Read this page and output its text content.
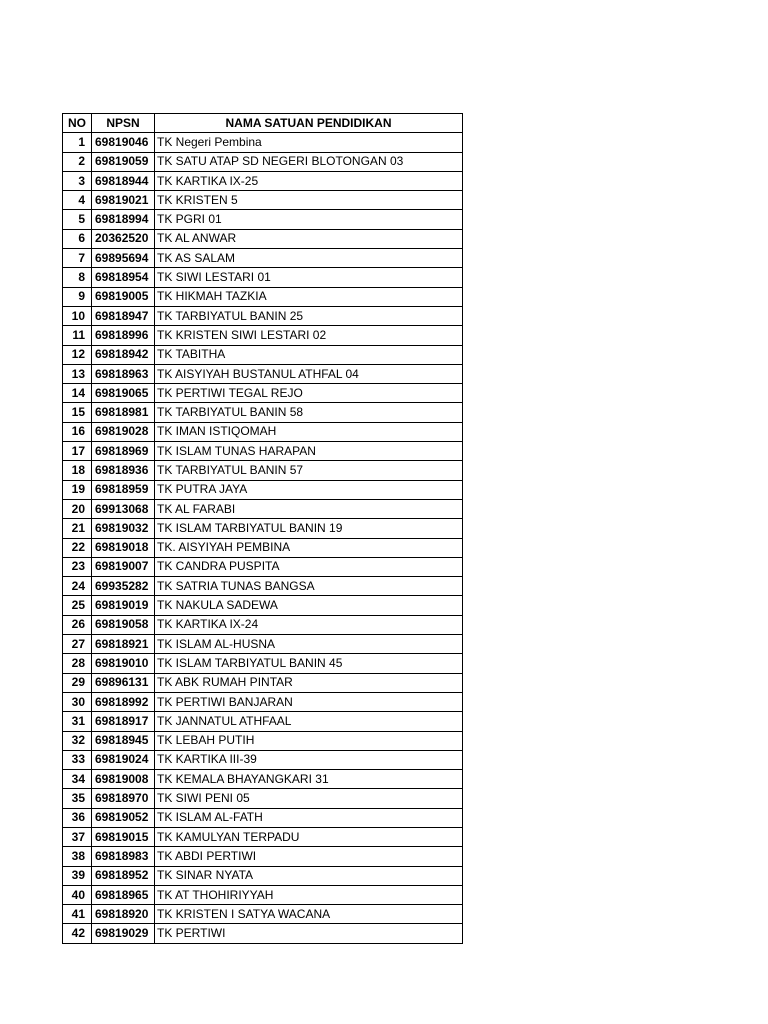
NO	NPSN	NAMA SATUAN PENDIDIKAN
1	69819046	TK Negeri Pembina
2	69819059	TK SATU ATAP SD NEGERI BLOTONGAN 03
3	69818944	TK KARTIKA IX-25
4	69819021	TK KRISTEN 5
5	69818994	TK PGRI 01
6	20362520	TK AL ANWAR
7	69895694	TK AS SALAM
8	69818954	TK SIWI LESTARI 01
9	69819005	TK HIKMAH TAZKIA
10	69818947	TK TARBIYATUL BANIN 25
11	69818996	TK KRISTEN SIWI LESTARI 02
12	69818942	TK TABITHA
13	69818963	TK AISYIYAH BUSTANUL ATHFAL 04
14	69819065	TK PERTIWI TEGAL REJO
15	69818981	TK TARBIYATUL BANIN 58
16	69819028	TK IMAN ISTIQOMAH
17	69818969	TK ISLAM TUNAS HARAPAN
18	69818936	TK TARBIYATUL BANIN 57
19	69818959	TK PUTRA JAYA
20	69913068	TK AL FARABI
21	69819032	TK ISLAM TARBIYATUL BANIN 19
22	69819018	TK. AISYIYAH PEMBINA
23	69819007	TK CANDRA PUSPITA
24	69935282	TK SATRIA TUNAS BANGSA
25	69819019	TK NAKULA SADEWA
26	69819058	TK KARTIKA IX-24
27	69818921	TK ISLAM AL-HUSNA
28	69819010	TK ISLAM TARBIYATUL BANIN 45
29	69896131	TK ABK RUMAH PINTAR
30	69818992	TK PERTIWI BANJARAN
31	69818917	TK JANNATUL ATHFAAL
32	69818945	TK LEBAH PUTIH
33	69819024	TK KARTIKA III-39
34	69819008	TK KEMALA BHAYANGKARI 31
35	69818970	TK SIWI PENI 05
36	69819052	TK ISLAM AL-FATH
37	69819015	TK KAMULYAN TERPADU
38	69818983	TK ABDI PERTIWI
39	69818952	TK SINAR NYATA
40	69818965	TK AT THOHIRIYYAH
41	69818920	TK KRISTEN I SATYA WACANA
42	69819029	TK PERTIWI
